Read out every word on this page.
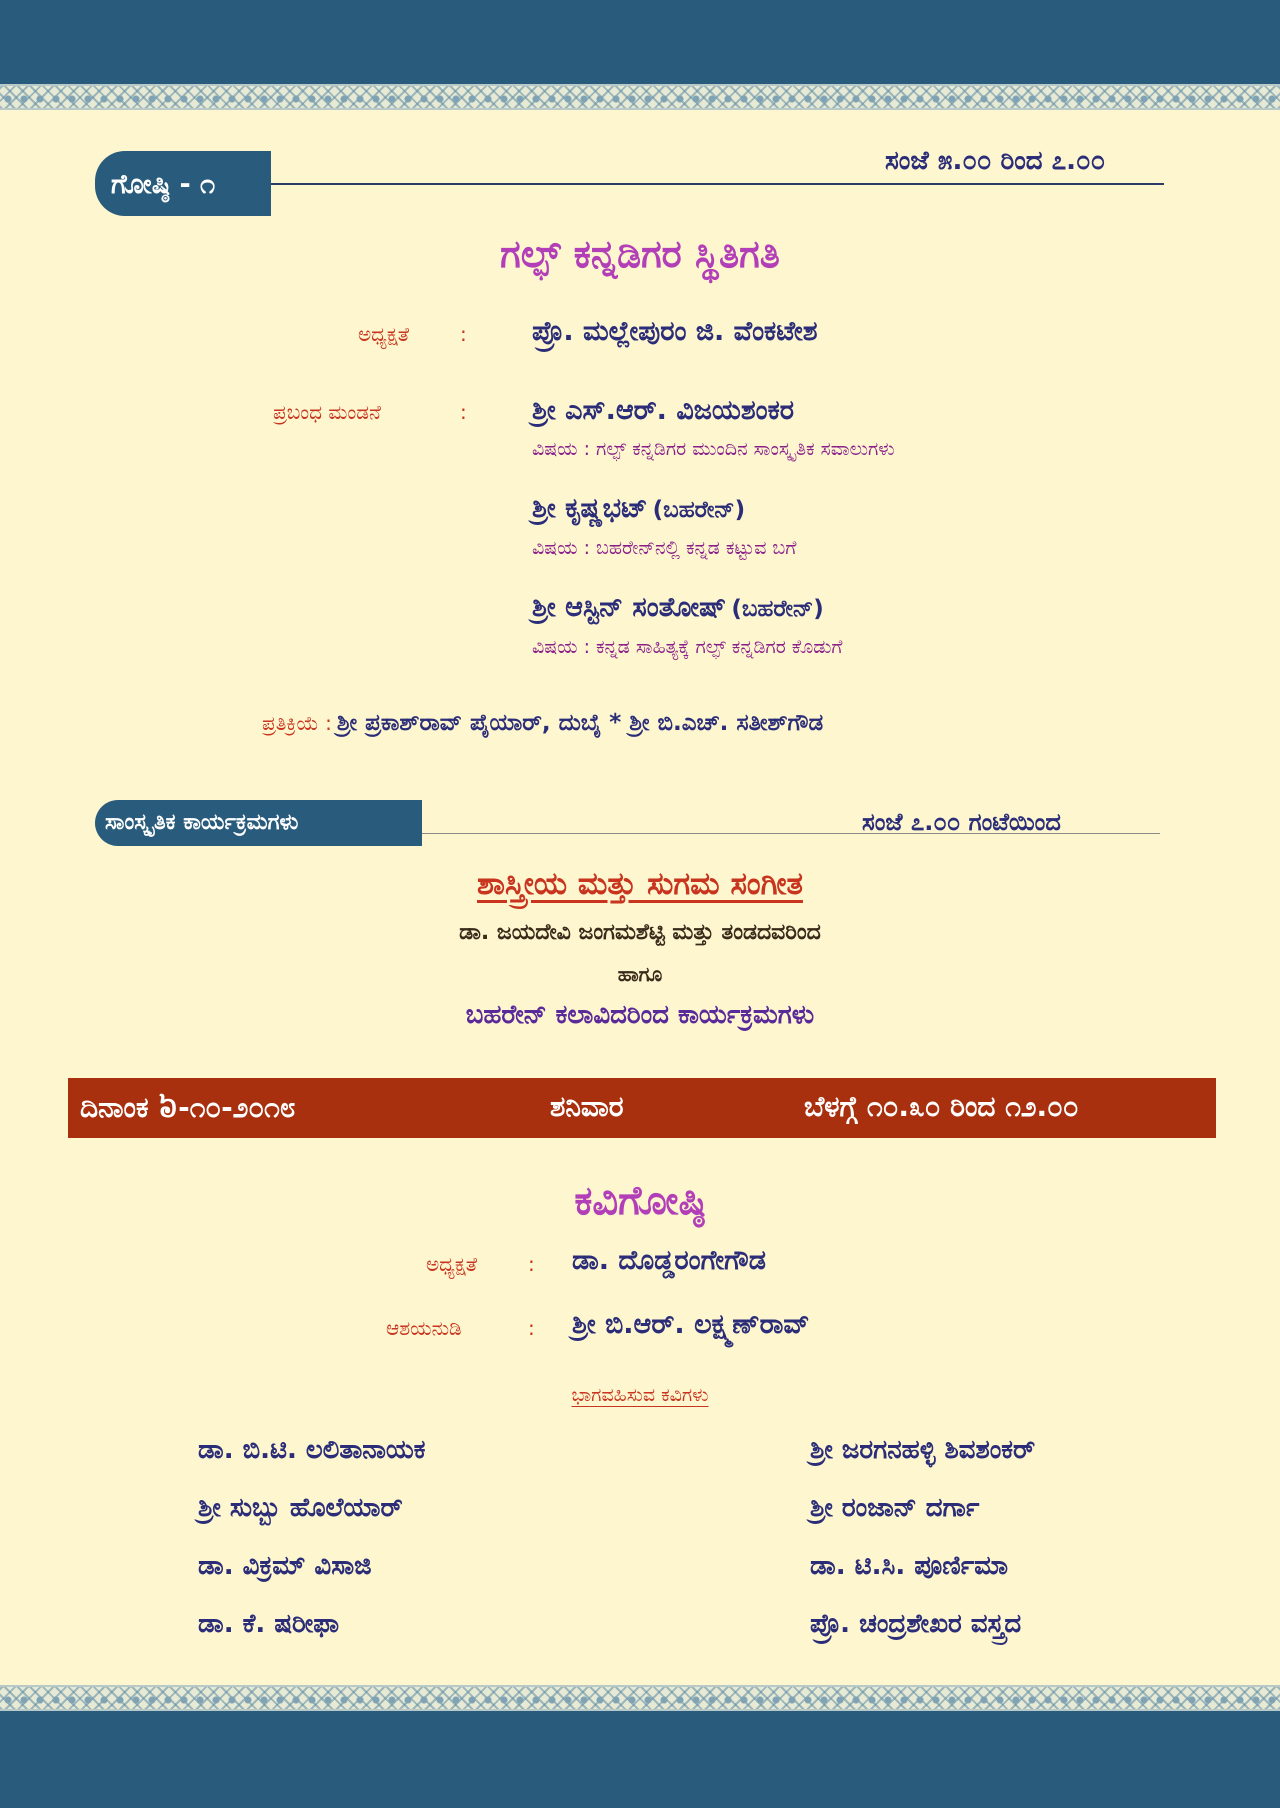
ಗೋಷ್ಠಿ - ೧
ಸಂಜೆ ೫.೦೦ ರಿಂದ ೭.೦೦
ಗಲ್ಫ್ ಕನ್ನಡಿಗರ ಸ್ಥಿತಿಗತಿ
ಅಧ್ಯಕ್ಷತೆ	: ಪ್ರೊ. ಮಲ್ಲೇಪುರಂ ಜಿ. ವೆಂಕಟೇಶ
ಪ್ರಬಂಧ ಮಂಡನೆ	: ಶ್ರೀ ಎಸ್.ಆರ್. ವಿಜಯಶಂಕರ
ವಿಷಯ : ಗಲ್ಫ್ ಕನ್ನಡಿಗರ ಮುಂದಿನ ಸಾಂಸ್ಕೃತಿಕ ಸವಾಲುಗಳು
ಶ್ರೀ ಕೃಷ್ಣಭಟ್ (ಬಹರೇನ್)
ವಿಷಯ : ಬಹರೇನ್‌ನಲ್ಲಿ ಕನ್ನಡ ಕಟ್ಟುವ ಬಗೆ
ಶ್ರೀ ಆಸ್ಟಿನ್ ಸಂತೋಷ್ (ಬಹರೇನ್)
ವಿಷಯ : ಕನ್ನಡ ಸಾಹಿತ್ಯಕ್ಕೆ ಗಲ್ಫ್ ಕನ್ನಡಿಗರ ಕೊಡುಗೆ
ಪ್ರತಿಕ್ರಿಯೆ : ಶ್ರೀ ಪ್ರಕಾಶ್‌ರಾವ್ ಪೈಯಾರ್, ದುಬೈ * ಶ್ರೀ ಬಿ.ಎಚ್. ಸತೀಶ್‌ಗೌಡ
ಸಾಂಸ್ಕೃತಿಕ ಕಾರ್ಯಕ್ರಮಗಳು	ಸಂಜೆ ೭.೦೦ ಗಂಟೆಯಿಂದ
ಶಾಸ್ತ್ರೀಯ ಮತ್ತು ಸುಗಮ ಸಂಗೀತ
ಡಾ. ಜಯದೇವಿ ಜಂಗಮಶೆಟ್ಟಿ ಮತ್ತು ತಂಡದವರಿಂದ
ಹಾಗೂ
ಬಹರೇನ್ ಕಲಾವಿದರಿಂದ ಕಾರ್ಯಕ್ರಮಗಳು
ದಿನಾಂಕ ៦-೧೦-೨೦೧೮	ಶನಿವಾರ	ಬೆಳಗ್ಗೆ ೧೦.೩೦ ರಿಂದ ೧೨.೦೦
ಕವಿಗೋಷ್ಠಿ
ಅಧ್ಯಕ್ಷತೆ	: ಡಾ. ದೊಡ್ಡರಂಗೇಗೌಡ
ಆಶಯನುಡಿ	: ಶ್ರೀ ಬಿ.ಆರ್. ಲಕ್ಷ್ಮಣ್‌ರಾವ್
ಭಾಗವಹಿಸುವ ಕವಿಗಳು
ಡಾ. ಬಿ.ಟಿ. ಲಲಿತಾನಾಯಕ
ಶ್ರೀ ಸುಬ್ಬು ಹೊಲೆಯಾರ್
ಡಾ. ವಿಕ್ರಮ್ ವಿಸಾಜಿ
ಡಾ. ಕೆ. ಷರೀಫಾ
ಶ್ರೀ ಜರಗನಹಳ್ಳಿ ಶಿವಶಂಕರ್
ಶ್ರೀ ರಂಜಾನ್ ದರ್ಗಾ
ಡಾ. ಟಿ.ಸಿ. ಪೂರ್ಣಿಮಾ
ಪ್ರೊ. ಚಂದ್ರಶೇಖರ ವಸ್ತ್ರದ
